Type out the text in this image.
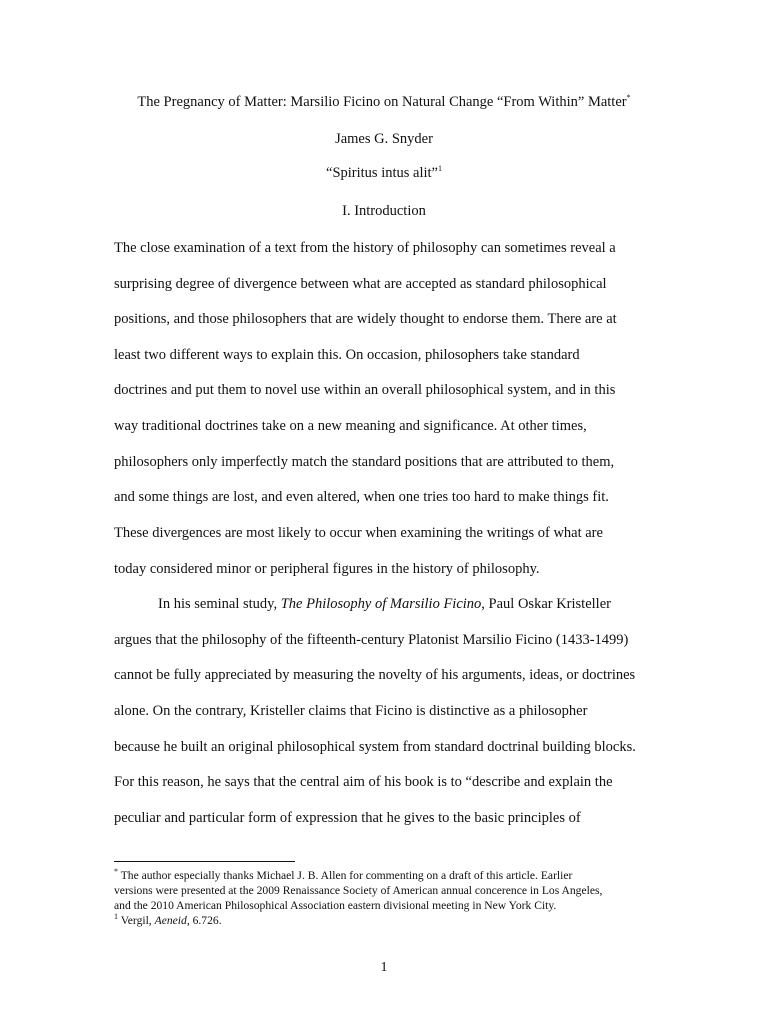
The Pregnancy of Matter: Marsilio Ficino on Natural Change “From Within” Matter*
James G. Snyder
“Spiritus intus alit”$^1$
I. Introduction
The close examination of a text from the history of philosophy can sometimes reveal a
surprising degree of divergence between what are accepted as standard philosophical
positions, and those philosophers that are widely thought to endorse them. There are at
least two different ways to explain this. On occasion, philosophers take standard
doctrines and put them to novel use within an overall philosophical system, and in this
way traditional doctrines take on a new meaning and significance. At other times,
philosophers only imperfectly match the standard positions that are attributed to them,
and some things are lost, and even altered, when one tries too hard to make things fit.
These divergences are most likely to occur when examining the writings of what are
today considered minor or peripheral figures in the history of philosophy.
In his seminal study, The Philosophy of Marsilio Ficino, Paul Oskar Kristeller
argues that the philosophy of the fifteenth-century Platonist Marsilio Ficino (1433-1499)
cannot be fully appreciated by measuring the novelty of his arguments, ideas, or doctrines
alone. On the contrary, Kristeller claims that Ficino is distinctive as a philosopher
because he built an original philosophical system from standard doctrinal building blocks.
For this reason, he says that the central aim of his book is to “describe and explain the
peculiar and particular form of expression that he gives to the basic principles of
* The author especially thanks Michael J. B. Allen for commenting on a draft of this article. Earlier
versions were presented at the 2009 Renaissance Society of American annual concerence in Los Angeles,
and the 2010 American Philosophical Association eastern divisional meeting in New York City.
$^1$ Vergil, Aeneid, 6.726.
1
